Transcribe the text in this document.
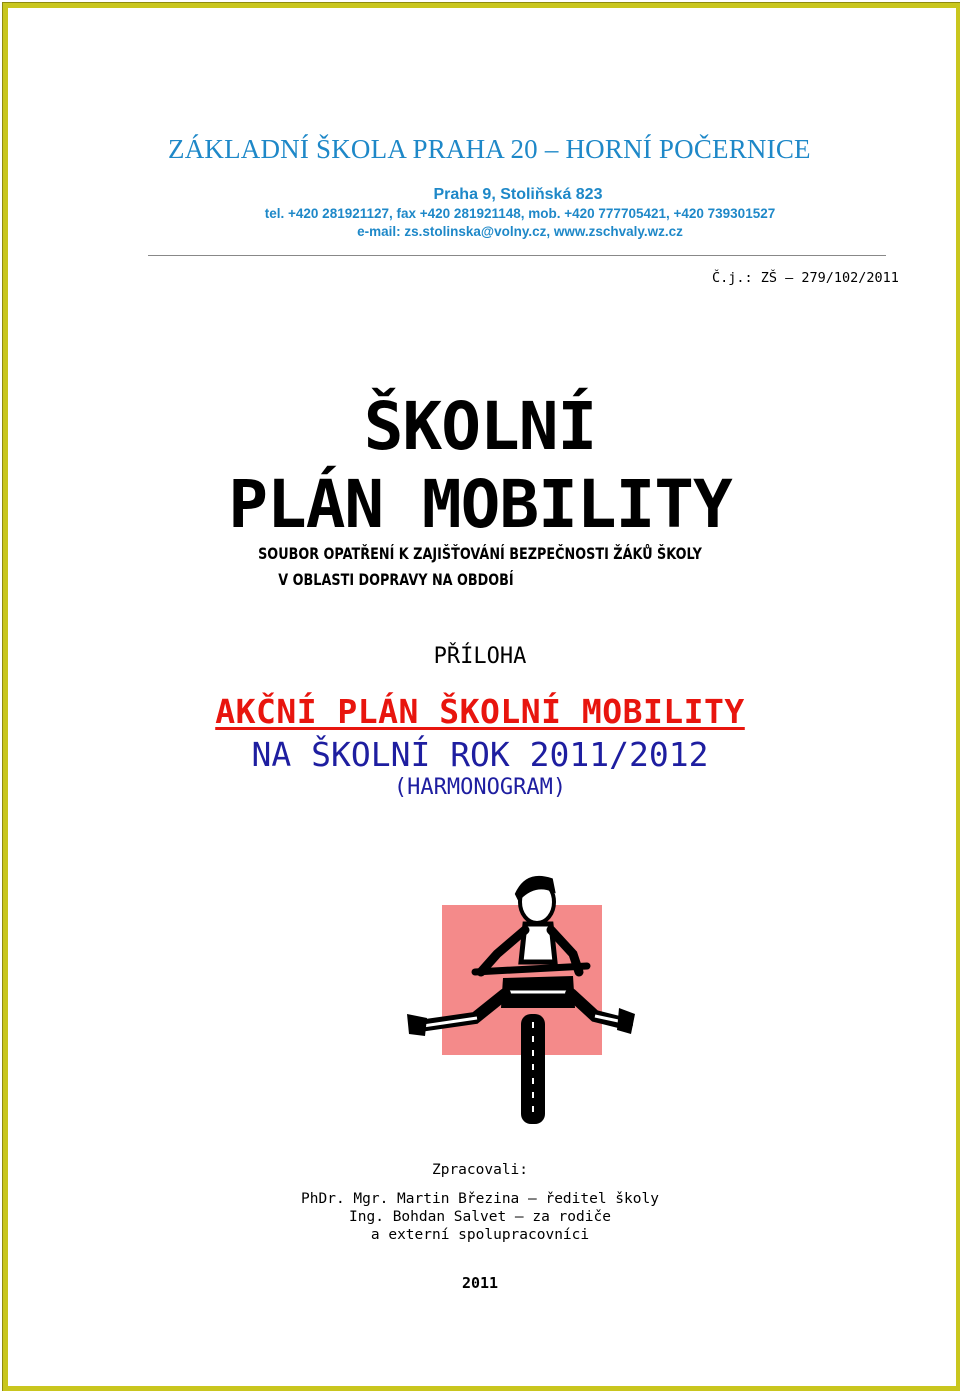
ZÁKLADNÍ ŠKOLA PRAHA 20 – HORNÍ POČERNICE
Praha 9, Stoliňská 823
tel. +420 281921127, fax +420 281921148, mob. +420 777705421, +420 739301527
e-mail: zs.stolinska@volny.cz, www.zschvaly.wz.cz
Č.j.: ZŠ – 279/102/2011
ŠKOLNÍ
PLÁN MOBILITY
SOUBOR OPATŘENÍ K ZAJIŠŤOVÁNÍ BEZPEČNOSTI ŽÁKŮ ŠKOLY
V OBLASTI DOPRAVY NA OBDOBÍ
PŘÍLOHA
AKČNÍ PLÁN ŠKOLNÍ MOBILITY
NA ŠKOLNÍ ROK 2011/2012
(HARMONOGRAM)
Zpracovali:
PhDr. Mgr. Martin Březina – ředitel školy
Ing. Bohdan Salvet – za rodiče
a externí spolupracovníci
2011
